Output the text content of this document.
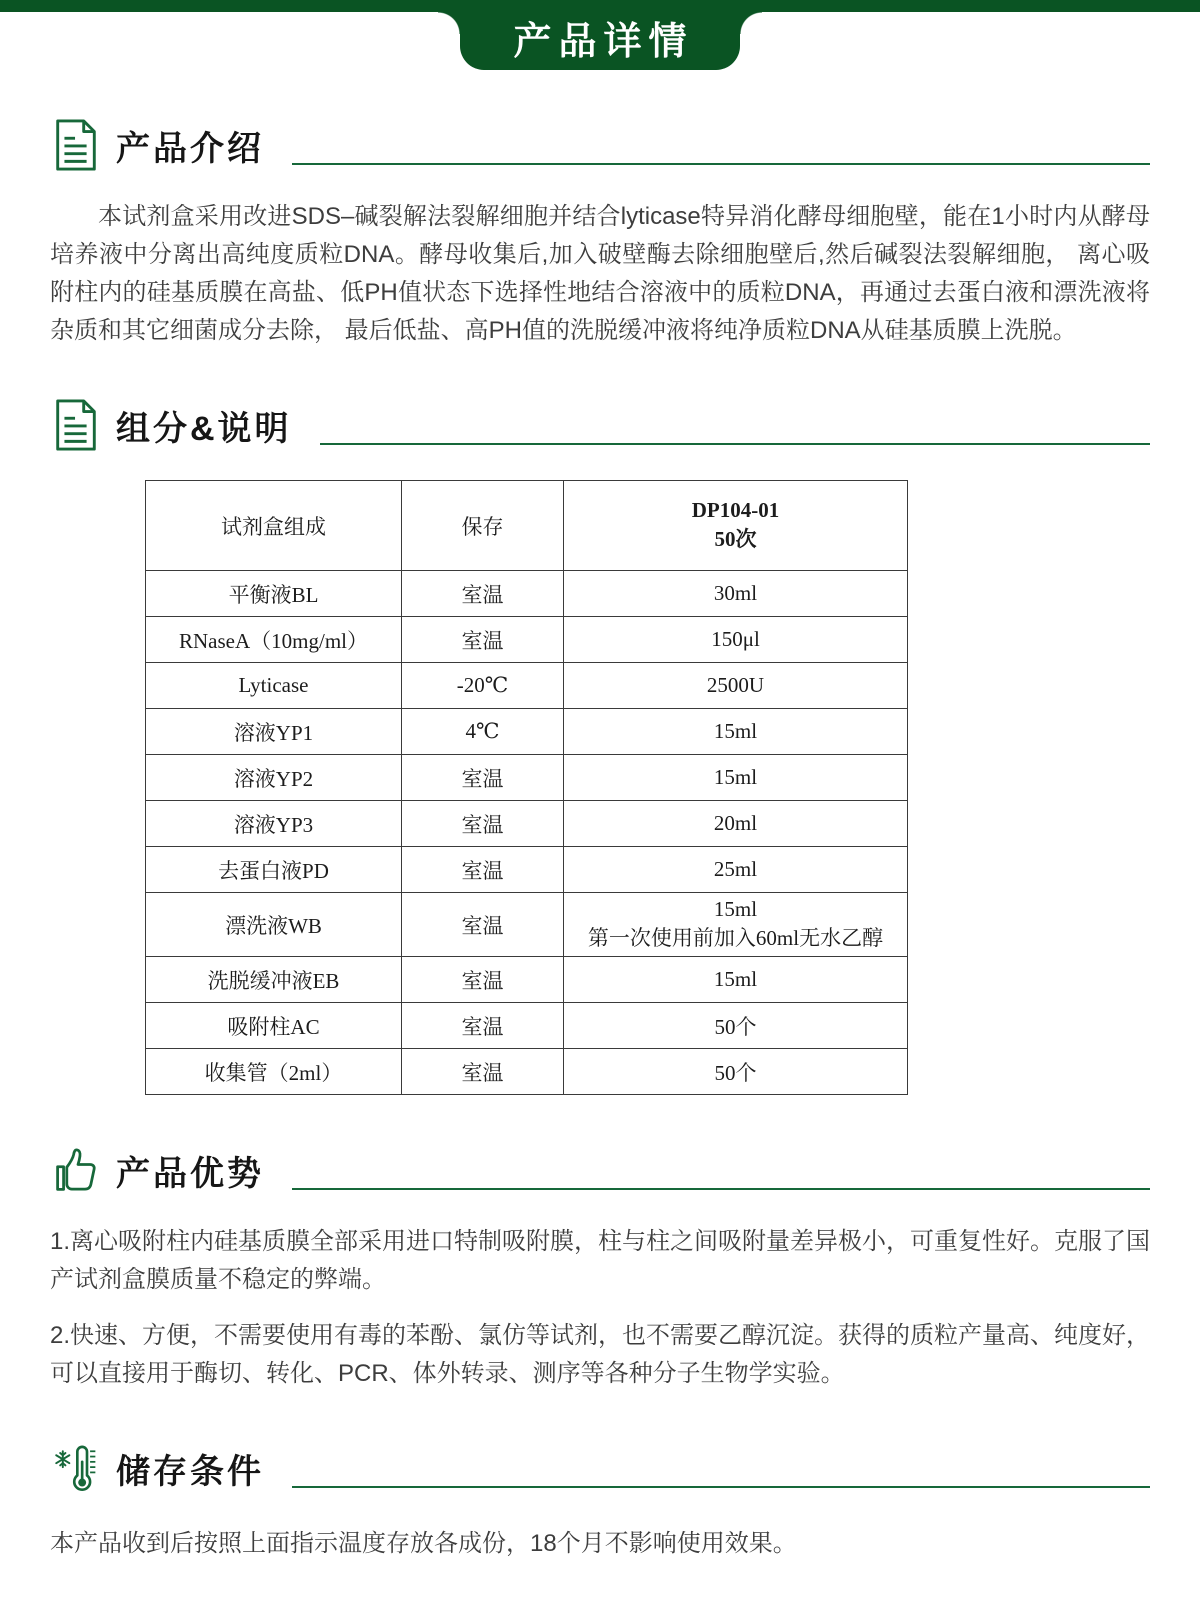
产品详情
产品介绍

本试剂盒采用改进SDS–碱裂解法裂解细胞并结合lyticase特异消化酵母细胞壁，能在1小时内从酵母培养液中分离出高纯度质粒DNA。酵母收集后,加入破壁酶去除细胞壁后,然后碱裂法裂解细胞， 离心吸附柱内的硅基质膜在高盐、低PH值状态下选择性地结合溶液中的质粒DNA，再通过去蛋白液和漂洗液将杂质和其它细菌成分去除， 最后低盐、高PH值的洗脱缓冲液将纯净质粒DNA从硅基质膜上洗脱。

组分&说明
试剂盒组成	保存	DP104-01
50次
平衡液BL	室温	30ml
RNaseA（10mg/ml）	室温	150μl
Lyticase	-20℃	2500U
溶液YP1	4℃	15ml
溶液YP2	室温	15ml
溶液YP3	室温	20ml
去蛋白液PD	室温	25ml
漂洗液WB	室温	15ml
第一次使用前加入60ml无水乙醇
洗脱缓冲液EB	室温	15ml
吸附柱AC	室温	50个
收集管（2ml）	室温	50个
产品优势

1.离心吸附柱内硅基质膜全部采用进口特制吸附膜，柱与柱之间吸附量差异极小，可重复性好。克服了国产试剂盒膜质量不稳定的弊端。

2.快速、方便，不需要使用有毒的苯酚、氯仿等试剂，也不需要乙醇沉淀。获得的质粒产量高、纯度好，可以直接用于酶切、转化、PCR、体外转录、测序等各种分子生物学实验。

储存条件

本产品收到后按照上面指示温度存放各成份，18个月不影响使用效果。
